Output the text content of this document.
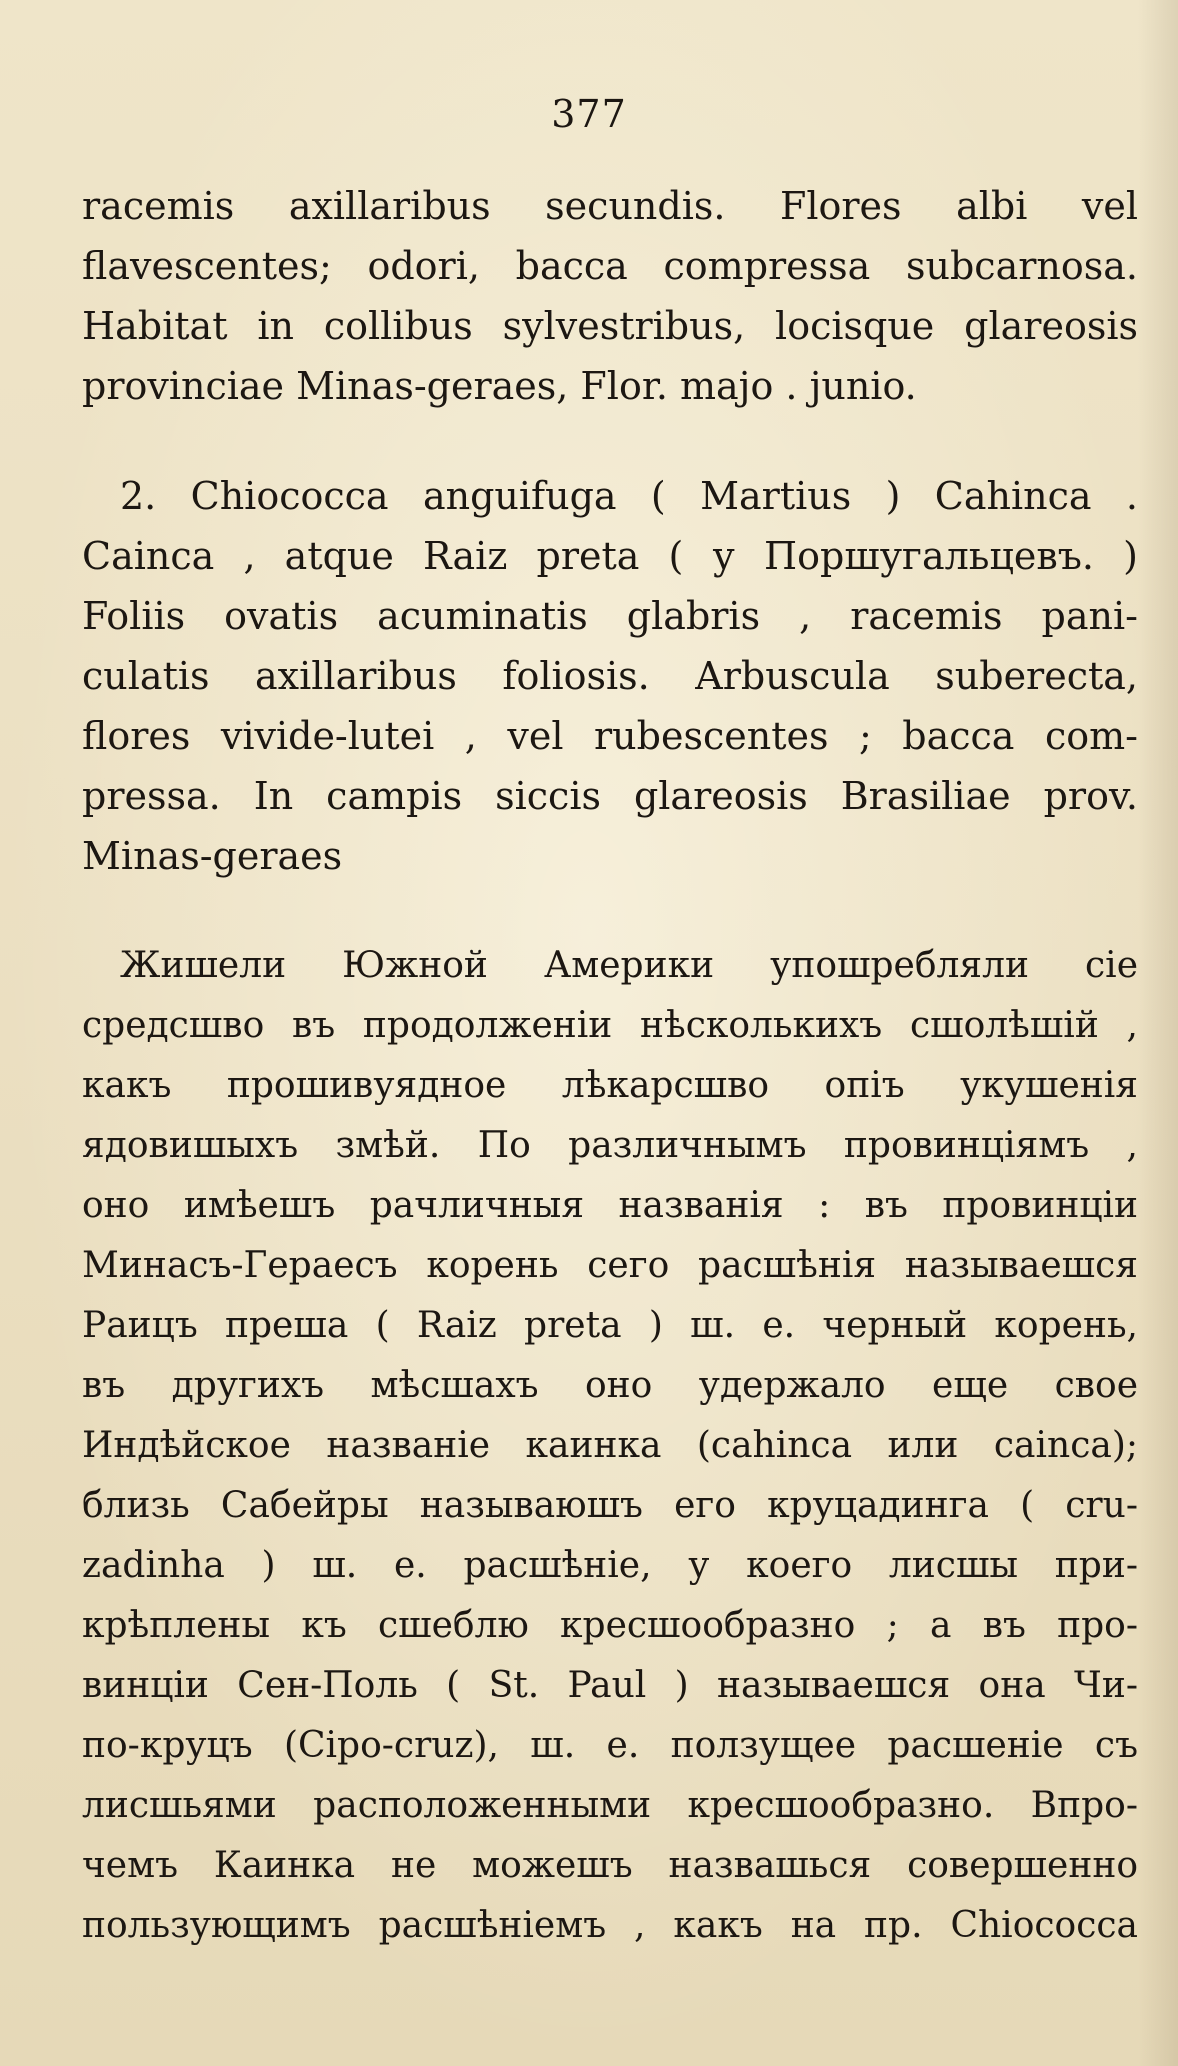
377
racemis axillaribus secundis. Flores albi vel
flavescentes; odori, bacca compressa subcarnosa.
Habitat in collibus sylvestribus, locisque glareosis
provinciae Minas-geraes, Flor. majo . junio.
2. Chiococca anguifuga ( Martius ) Cahinca .
Cainca , atque Raiz preta ( у Поршугальцевъ. )
Foliis ovatis acuminatis glabris , racemis pani-
culatis axillaribus foliosis. Arbuscula suberecta,
flores vivide-lutei , vel rubescentes ; bacca com-
pressa. In campis siccis glareosis Brasiliae prov.
Minas-geraes
Жишели Южной Америки упошребляли сіе
средсшво въ продолженіи нѣсколькихъ сшолѣшій ,
какъ прошивуядное лѣкарсшво опіъ укушенія
ядовишыхъ змѣй. По различнымъ провинціямъ ,
оно имѣешъ рачличныя названія : въ провинціи
Минасъ-Гераесъ корень сего расшѣнія называешся
Раицъ прешa ( Raiz preta ) ш. е. черный корень,
въ другихъ мѣсшахъ оно удержало еще свое
Индѣйское названіе каинка (cahinca или cainca);
близь Сабейры называюшъ его круцадинга ( cru-
zadinha ) ш. е. расшѣніе, у коего лисшы при-
крѣплены къ сшеблю кресшообразно ; а въ про-
винціи Сен-Поль ( St. Paul ) называешся она Чи-
по-круцъ (Cipo-cruz), ш. е. ползущее расшеніе съ
лисшьями расположенными кресшообразно. Впро-
чемъ Каинка не можешъ назвашься совершенно
пользующимъ расшѣніемъ , какъ на пр. Chiococca
